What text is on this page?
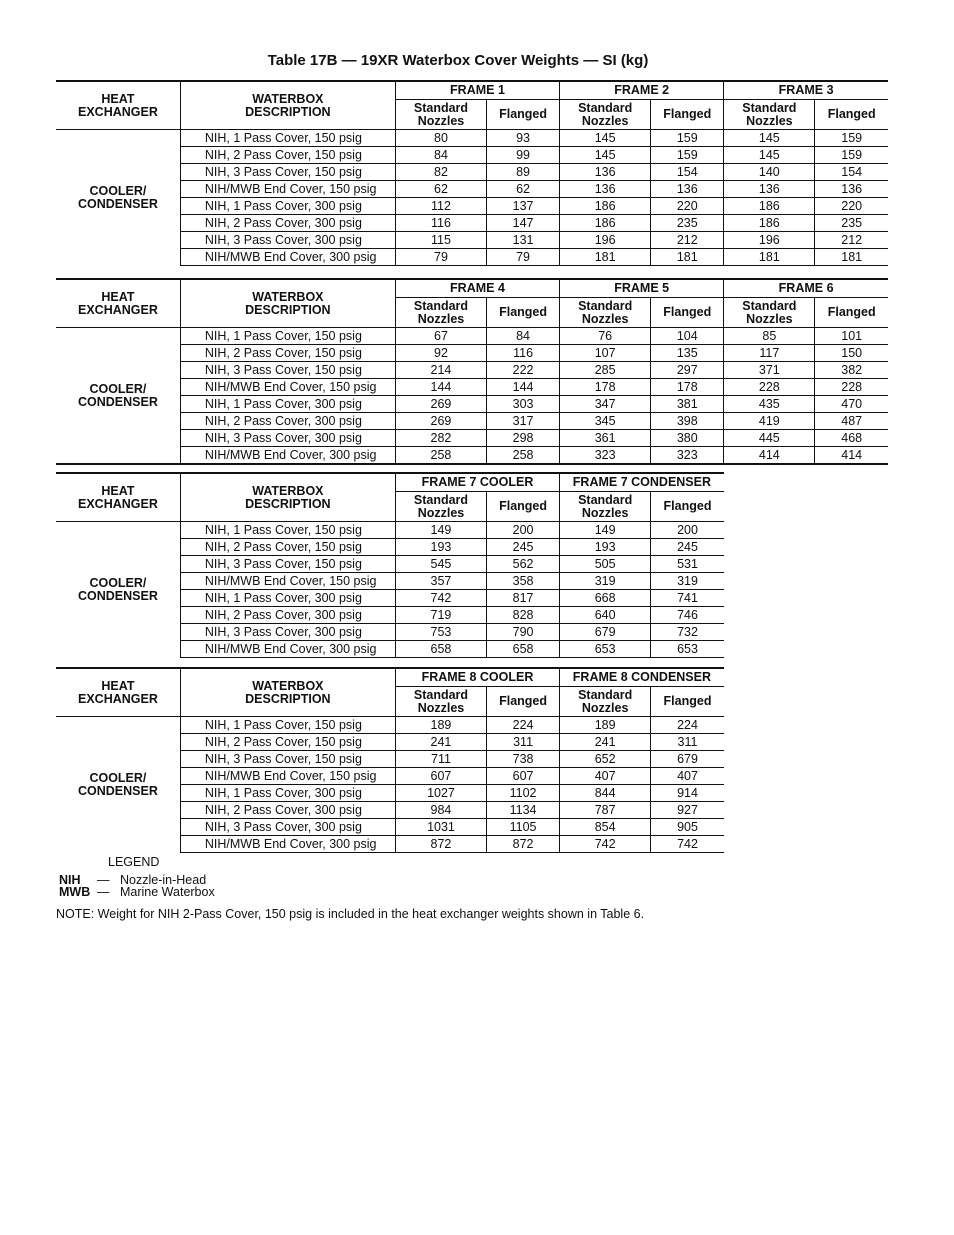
Table 17B — 19XR Waterbox Cover Weights — SI (kg)
HEAT EXCHANGER	WATERBOX DESCRIPTION	FRAME 1		FRAME 2		FRAME 3	
		Standard Nozzles	Flanged	Standard Nozzles	Flanged	Standard Nozzles	Flanged
COOLER/ CONDENSER	NIH, 1 Pass Cover, 150 psig	80	93	145	159	145	159
	NIH, 2 Pass Cover, 150 psig	84	99	145	159	145	159
	NIH, 3 Pass Cover, 150 psig	82	89	136	154	140	154
	NIH/MWB End Cover, 150 psig	62	62	136	136	136	136
	NIH, 1 Pass Cover, 300 psig	112	137	186	220	186	220
	NIH, 2 Pass Cover, 300 psig	116	147	186	235	186	235
	NIH, 3 Pass Cover, 300 psig	115	131	196	212	196	212
	NIH/MWB End Cover, 300 psig	79	79	181	181	181	181
HEAT EXCHANGER	WATERBOX DESCRIPTION	FRAME 4		FRAME 5		FRAME 6	
		Standard Nozzles	Flanged	Standard Nozzles	Flanged	Standard Nozzles	Flanged
COOLER/ CONDENSER	NIH, 1 Pass Cover, 150 psig	67	84	76	104	85	101
	NIH, 2 Pass Cover, 150 psig	92	116	107	135	117	150
	NIH, 3 Pass Cover, 150 psig	214	222	285	297	371	382
	NIH/MWB End Cover, 150 psig	144	144	178	178	228	228
	NIH, 1 Pass Cover, 300 psig	269	303	347	381	435	470
	NIH, 2 Pass Cover, 300 psig	269	317	345	398	419	487
	NIH, 3 Pass Cover, 300 psig	282	298	361	380	445	468
	NIH/MWB End Cover, 300 psig	258	258	323	323	414	414
HEAT EXCHANGER	WATERBOX DESCRIPTION	FRAME 7 COOLER		FRAME 7 CONDENSER	
		Standard Nozzles	Flanged	Standard Nozzles	Flanged
COOLER/ CONDENSER	NIH, 1 Pass Cover, 150 psig	149	200	149	200
	NIH, 2 Pass Cover, 150 psig	193	245	193	245
	NIH, 3 Pass Cover, 150 psig	545	562	505	531
	NIH/MWB End Cover, 150 psig	357	358	319	319
	NIH, 1 Pass Cover, 300 psig	742	817	668	741
	NIH, 2 Pass Cover, 300 psig	719	828	640	746
	NIH, 3 Pass Cover, 300 psig	753	790	679	732
	NIH/MWB End Cover, 300 psig	658	658	653	653
HEAT EXCHANGER	WATERBOX DESCRIPTION	FRAME 8 COOLER		FRAME 8 CONDENSER	
		Standard Nozzles	Flanged	Standard Nozzles	Flanged
COOLER/ CONDENSER	NIH, 1 Pass Cover, 150 psig	189	224	189	224
	NIH, 2 Pass Cover, 150 psig	241	311	241	311
	NIH, 3 Pass Cover, 150 psig	711	738	652	679
	NIH/MWB End Cover, 150 psig	607	607	407	407
	NIH, 1 Pass Cover, 300 psig	1027	1102	844	914
	NIH, 2 Pass Cover, 300 psig	984	1134	787	927
	NIH, 3 Pass Cover, 300 psig	1031	1105	854	905
	NIH/MWB End Cover, 300 psig	872	872	742	742
LEGEND
NIH — Nozzle-in-Head
MWB — Marine Waterbox
NOTE: Weight for NIH 2-Pass Cover, 150 psig is included in the heat exchanger weights shown in Table 6.
